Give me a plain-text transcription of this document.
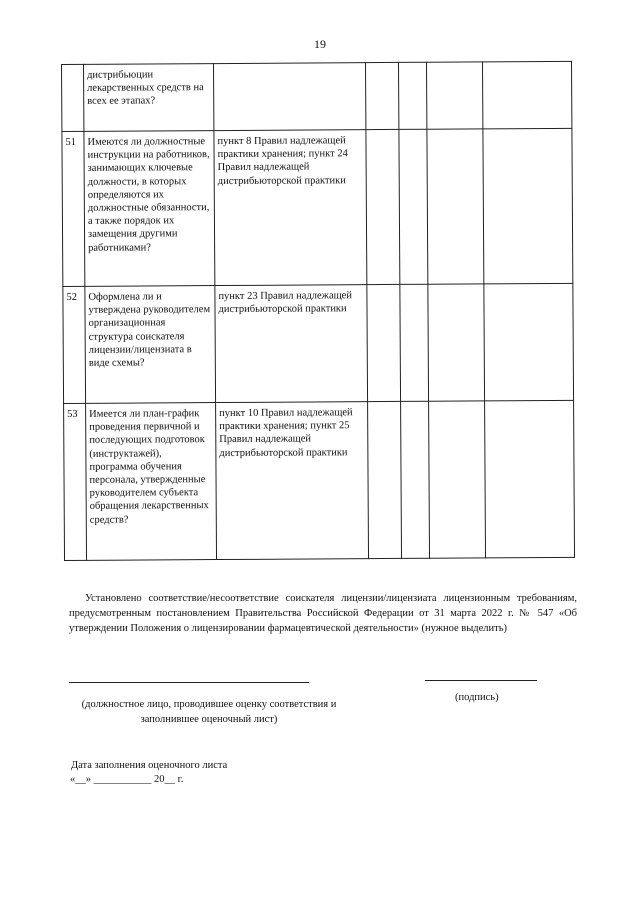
19
	дистрибьюции лекарственных средств на всех ее этапах?					
51	Имеются ли должностные инструкции на работников, занимающих ключевые должности, в которых определяются их должностные обязанности, а также порядок их замещения другими работниками?	пункт 8 Правил надлежащей практики хранения; пункт 24 Правил надлежащей дистрибьюторской практики				
52	Оформлена ли и утверждена руководителем организационная структура соискателя лицензии/лицензиата в виде схемы?	пункт 23 Правил надлежащей дистрибьюторской практики				
53	Имеется ли план-график проведения первичной и последующих подготовок (инструктажей), программа обучения персонала, утвержденные руководителем субъекта обращения лекарственных средств?	пункт 10 Правил надлежащей практики хранения; пункт 25 Правил надлежащей дистрибьюторской практики				
Установлено соответствие/несоответствие соискателя лицензии/лицензиата лицензионным требованиям, предусмотренным постановлением Правительства Российской Федерации от 31 марта 2022 г. № 547 «Об утверждении Положения о лицензировании фармацевтической деятельности» (нужное выделить)
(должностное лицо, проводившее оценку соответствия и заполнившее оценочный лист)
(подпись)
Дата заполнения оценочного листа
«__» ___________ 20__ г.
